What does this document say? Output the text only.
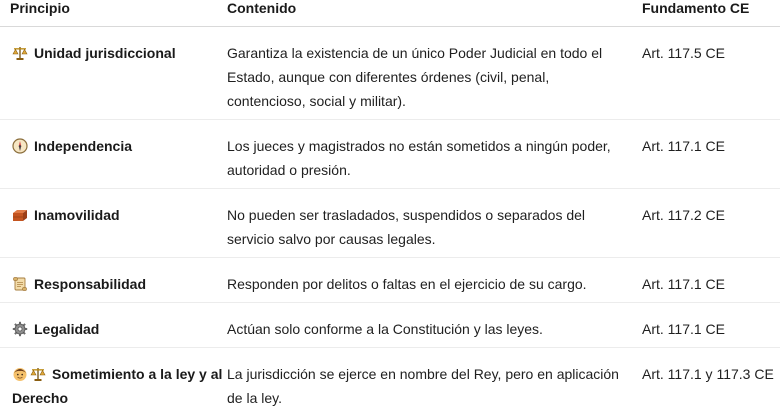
Principio	Contenido	Fundamento CE

Unidad jurisdiccional	Garantiza la existencia de un único Poder Judicial en todo el Estado, aunque con diferentes órdenes (civil, penal, contencioso, social y militar).	Art. 117.5 CE

Independencia	Los jueces y magistrados no están sometidos a ningún poder, autoridad o presión.	Art. 117.1 CE

Inamovilidad	No pueden ser trasladados, suspendidos o separados del servicio salvo por causas legales.	Art. 117.2 CE

Responsabilidad	Responden por delitos o faltas en el ejercicio de su cargo.	Art. 117.1 CE

Legalidad	Actúan solo conforme a la Constitución y las leyes.	Art. 117.1 CE

Sometimiento a la ley y al Derecho	La jurisdicción se ejerce en nombre del Rey, pero en aplicación de la ley.	Art. 117.1 y 117.3 CE
